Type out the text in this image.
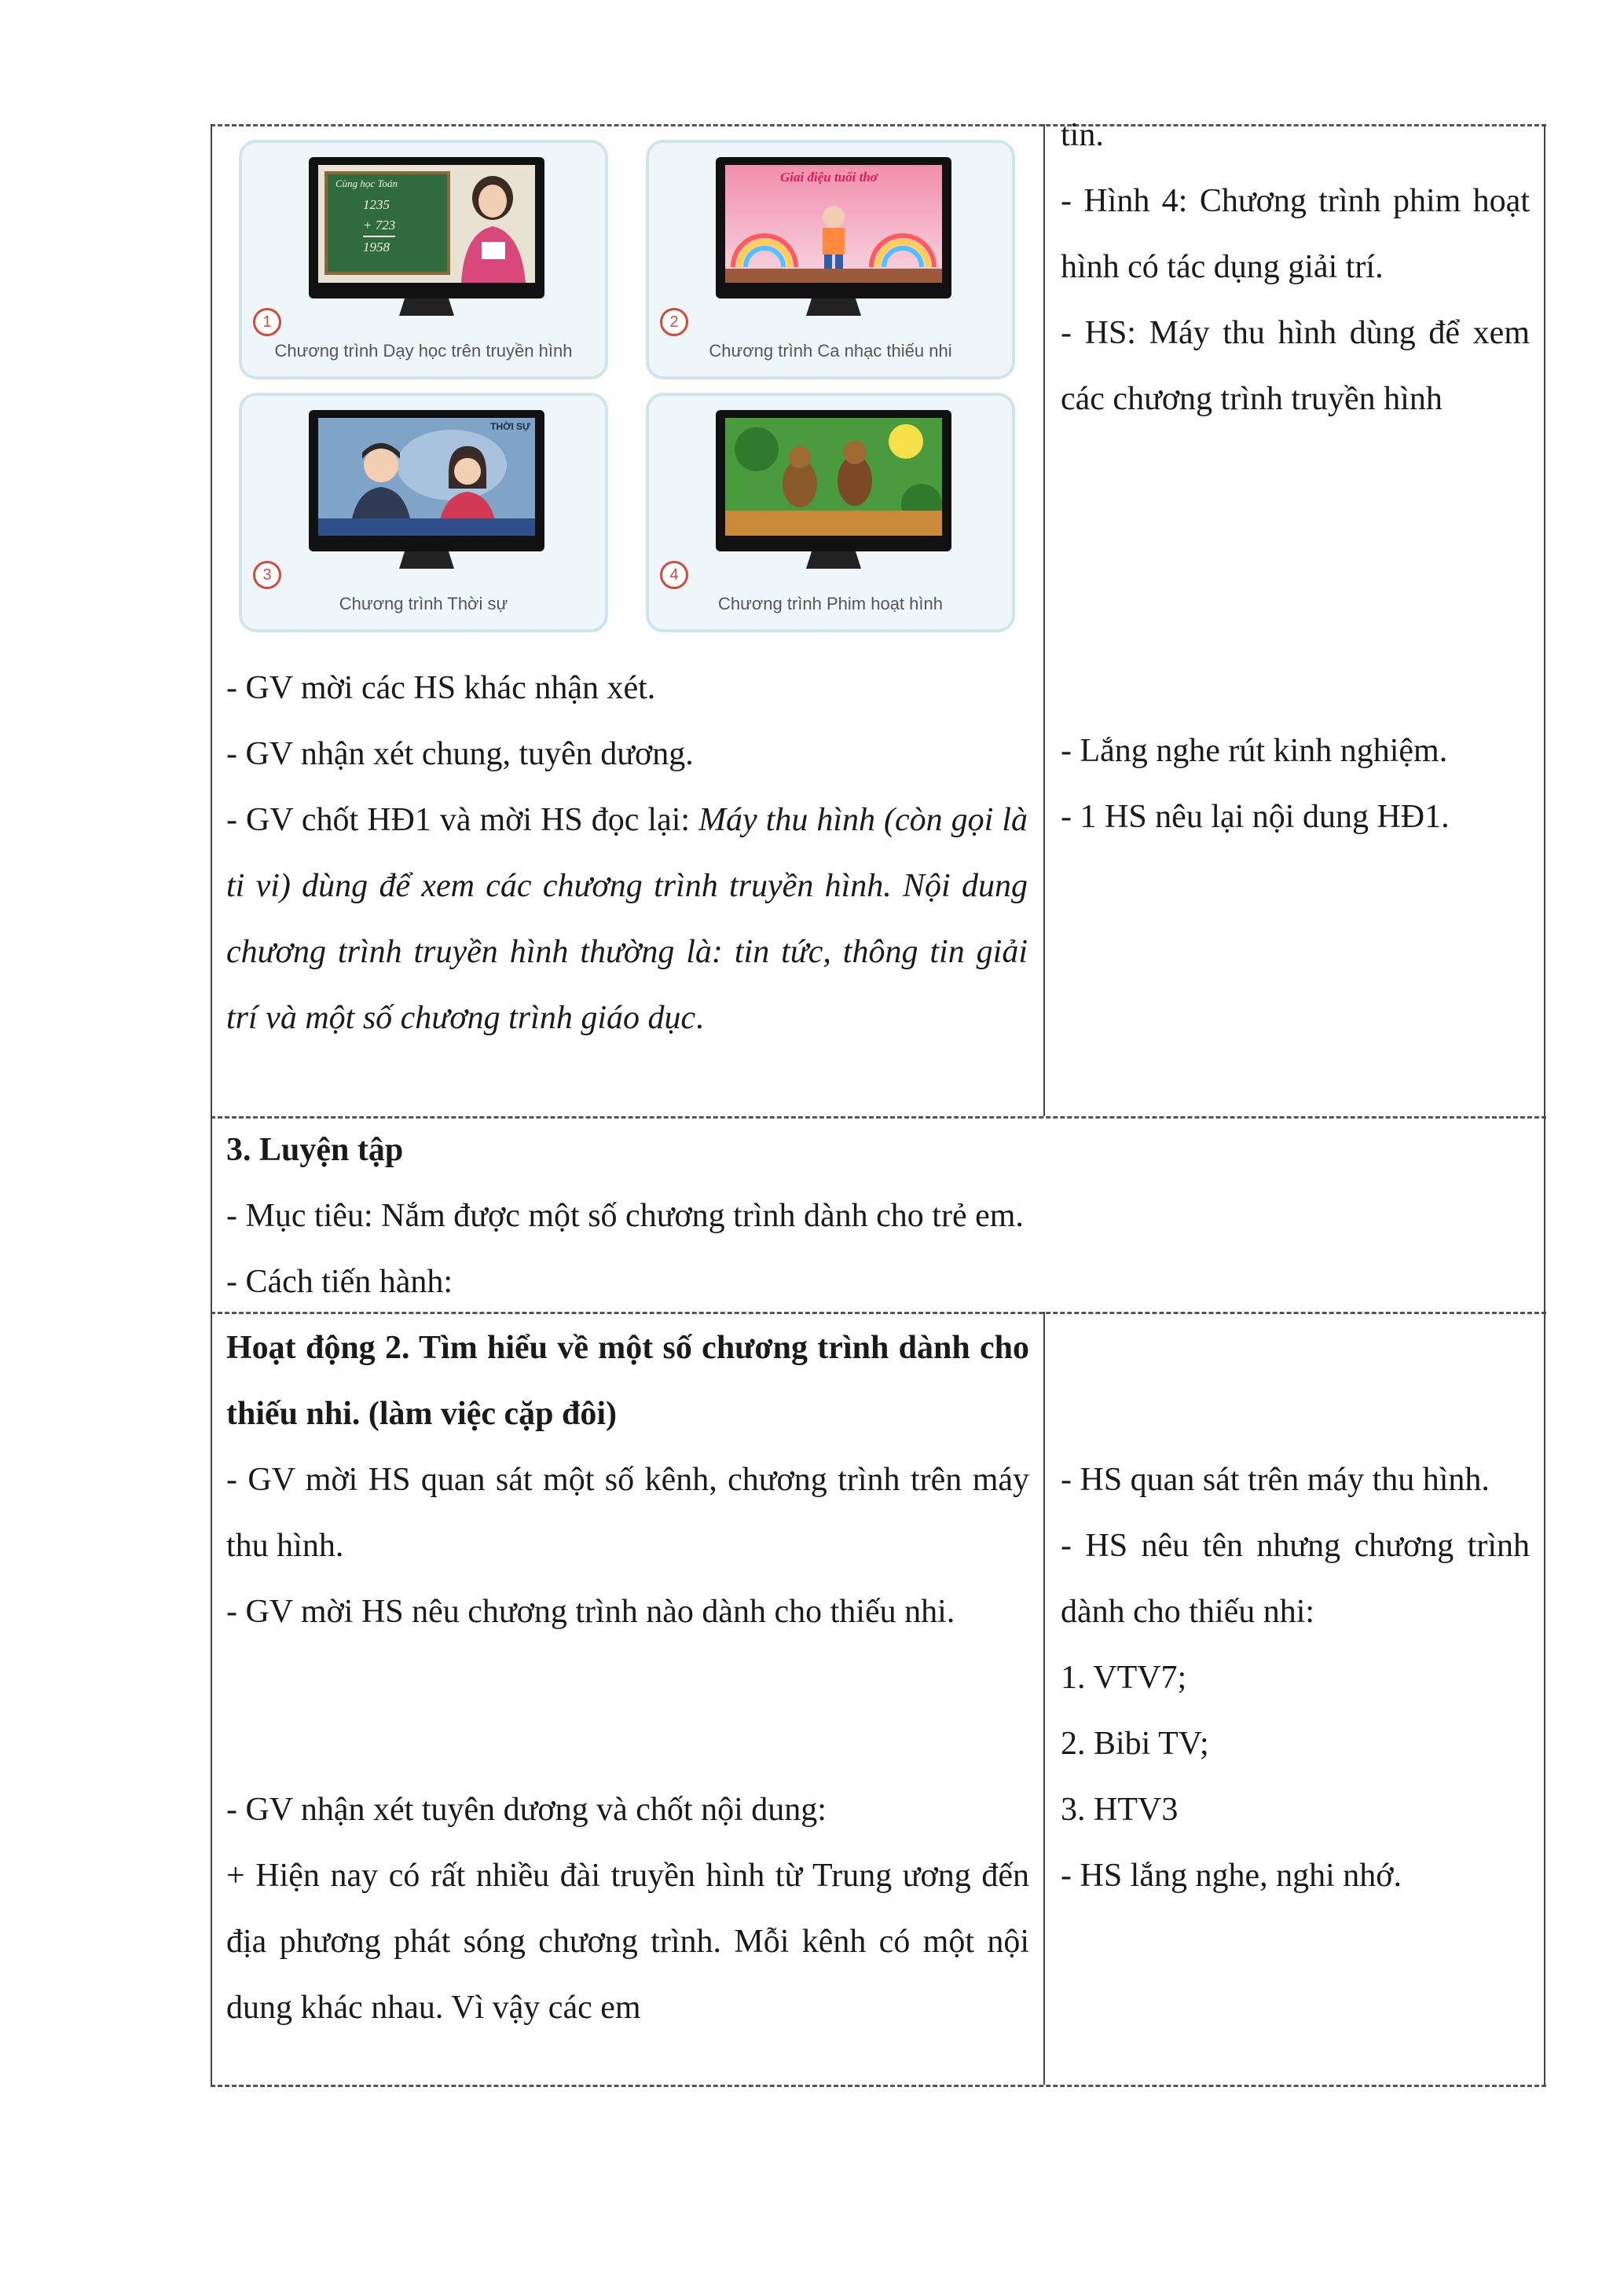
Cùng học Toán
1235
+ 723
1958
1
Chương trình Dạy học trên truyền hình
Giai điệu tuổi thơ
2
Chương trình Ca nhạc thiếu nhi
THỜI SỰ
3
Chương trình Thời sự
4
Chương trình Phim hoạt hình

- GV mời các HS khác nhận xét.

- GV nhận xét chung, tuyên dương.

- GV chốt HĐ1 và mời HS đọc lại: Máy thu hình (còn gọi là ti vi) dùng để xem các chương trình truyền hình. Nội dung chương trình truyền hình thường là: tin tức, thông tin giải trí và một số chương trình giáo dục.

tin.

- Hình 4: Chương trình phim hoạt hình có tác dụng giải trí.

- HS: Máy thu hình dùng để xem các chương trình truyền hình

- Lắng nghe rút kinh nghiệm.

- 1 HS nêu lại nội dung HĐ1.

3. Luyện tập

- Mục tiêu: Nắm được một số chương trình dành cho trẻ em.

- Cách tiến hành:

Hoạt động 2. Tìm hiểu về một số chương trình dành cho thiếu nhi. (làm việc cặp đôi)

- GV mời HS quan sát một số kênh, chương trình trên máy thu hình.

- GV mời HS nêu chương trình nào dành cho thiếu nhi.

- GV nhận xét tuyên dương và chốt nội dung:

+ Hiện nay có rất nhiều đài truyền hình từ Trung ương đến địa phương phát sóng chương trình. Mỗi kênh có một nội dung khác nhau. Vì vậy các em

- HS quan sát trên máy thu hình.

- HS nêu tên nhưng chương trình dành cho thiếu nhi:

1. VTV7;

2. Bibi TV;

3. HTV3

- HS lắng nghe, nghi nhớ.
